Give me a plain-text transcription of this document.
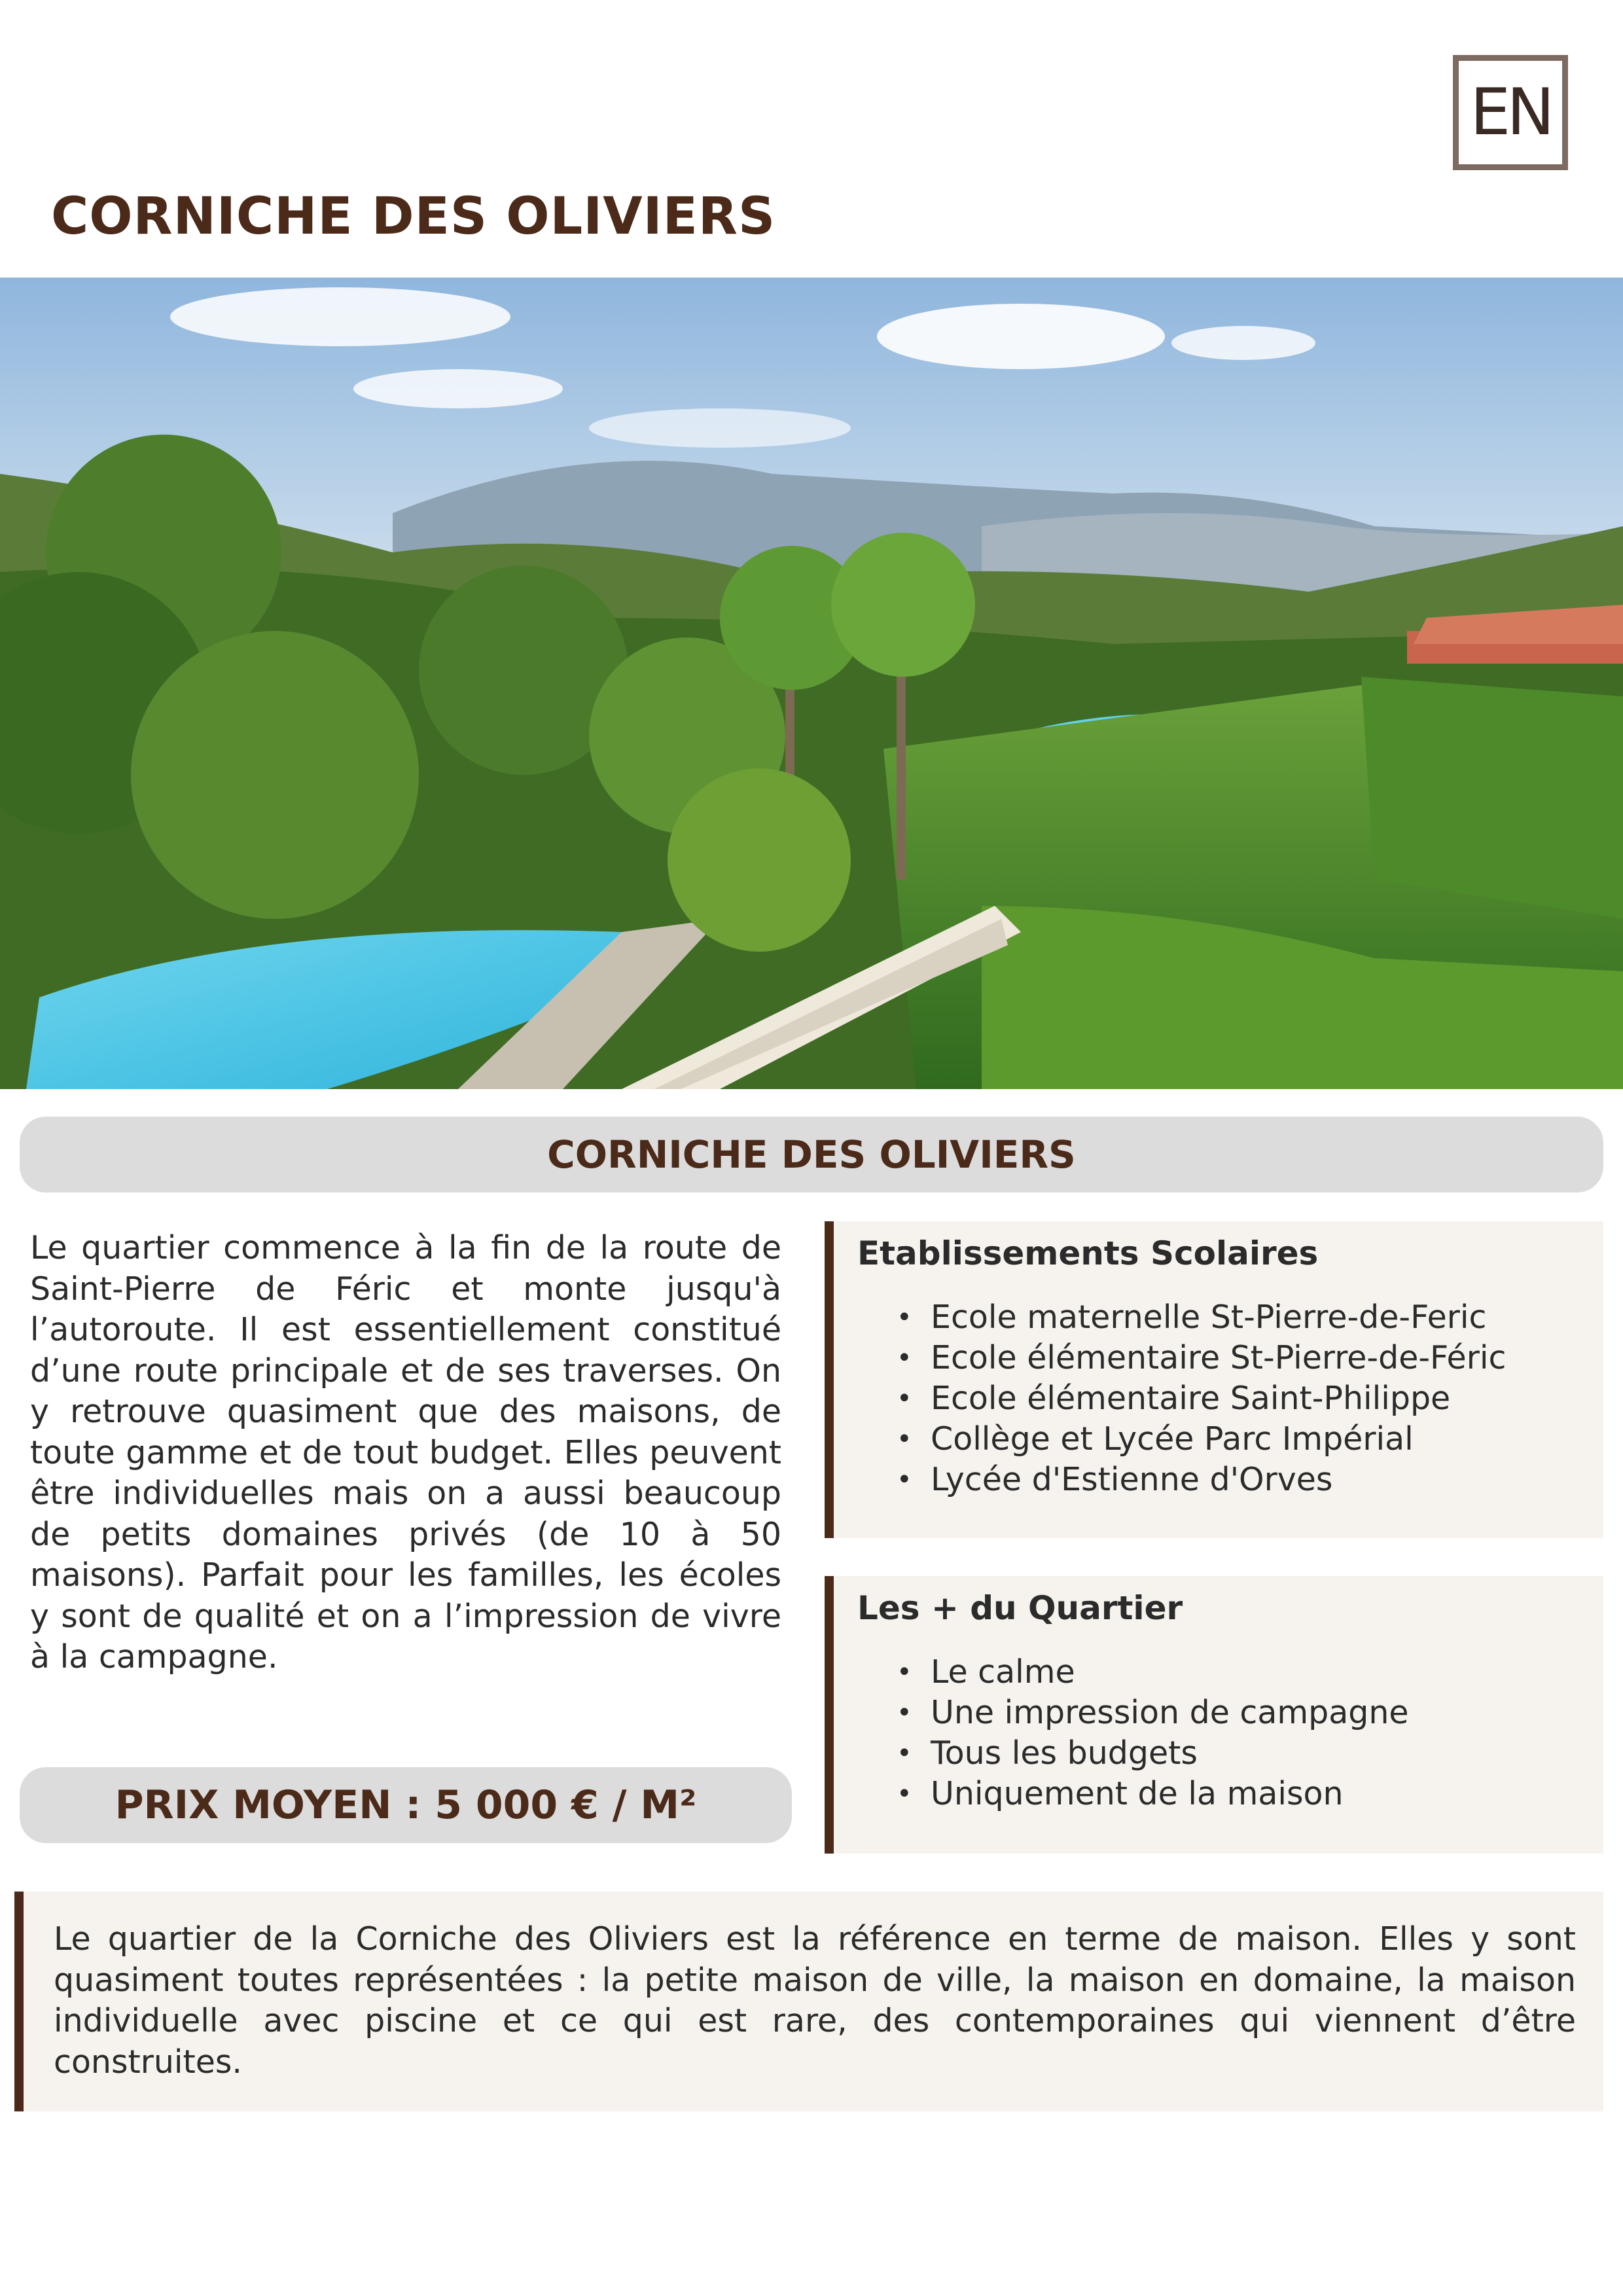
EN
CORNICHE DES OLIVIERS
CORNICHE DES OLIVIERS

Le quartier commence à la fin de la route de Saint-Pierre de Féric et monte jusqu'à l’autoroute. Il est essentiellement constitué d’une route principale et de ses traverses. On y retrouve quasiment que des maisons, de toute gamme et de tout budget. Elles peuvent être individuelles mais on a aussi beaucoup de petits domaines privés (de 10 à 50 maisons). Parfait pour les familles, les écoles y sont de qualité et on a l’impression de vivre à la campagne.

PRIX MOYEN : 5 000 € / M²
Etablissements Scolaires
• Ecole maternelle St-Pierre-de-Feric
• Ecole élémentaire St-Pierre-de-Féric
• Ecole élémentaire Saint-Philippe
• Collège et Lycée Parc Impérial
• Lycée d'Estienne d'Orves
Les + du Quartier
• Le calme
• Une impression de campagne
• Tous les budgets
• Uniquement de la maison

Le quartier de la Corniche des Oliviers est la référence en terme de maison. Elles y sont quasiment toutes représentées : la petite maison de ville, la maison en domaine, la maison individuelle avec piscine et ce qui est rare, des contemporaines qui viennent d’être construites.
